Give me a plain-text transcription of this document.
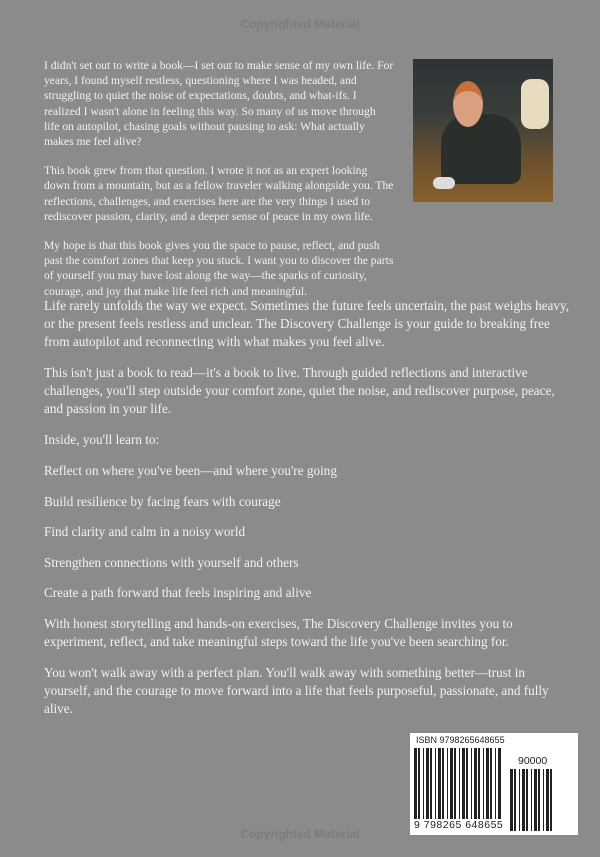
Copyrighted Material

I didn't set out to write a book—I set out to make sense of my own life. For years, I found myself restless, questioning where I was headed, and struggling to quiet the noise of expectations, doubts, and what-ifs. I realized I wasn't alone in feeling this way. So many of us move through life on autopilot, chasing goals without pausing to ask: What actually makes me feel alive?

This book grew from that question. I wrote it not as an expert looking down from a mountain, but as a fellow traveler walking alongside you. The reflections, challenges, and exercises here are the very things I used to rediscover passion, clarity, and a deeper sense of peace in my own life.

My hope is that this book gives you the space to pause, reflect, and push past the comfort zones that keep you stuck. I want you to discover the parts of yourself you may have lost along the way—the sparks of curiosity, courage, and joy that make life feel rich and meaningful.

Life rarely unfolds the way we expect. Sometimes the future feels uncertain, the past weighs heavy, or the present feels restless and unclear. The Discovery Challenge is your guide to breaking free from autopilot and reconnecting with what makes you feel alive.

This isn't just a book to read—it's a book to live. Through guided reflections and interactive challenges, you'll step outside your comfort zone, quiet the noise, and rediscover purpose, peace, and passion in your life.

Inside, you'll learn to:

Reflect on where you've been—and where you're going

Build resilience by facing fears with courage

Find clarity and calm in a noisy world

Strengthen connections with yourself and others

Create a path forward that feels inspiring and alive

With honest storytelling and hands-on exercises, The Discovery Challenge invites you to experiment, reflect, and take meaningful steps toward the life you've been searching for.

You won't walk away with a perfect plan. You'll walk away with something better—trust in yourself, and the courage to move forward into a life that feels purposeful, passionate, and fully alive.

ISBN 9798265648655
90000
9 798265 648655
Copyrighted Material
